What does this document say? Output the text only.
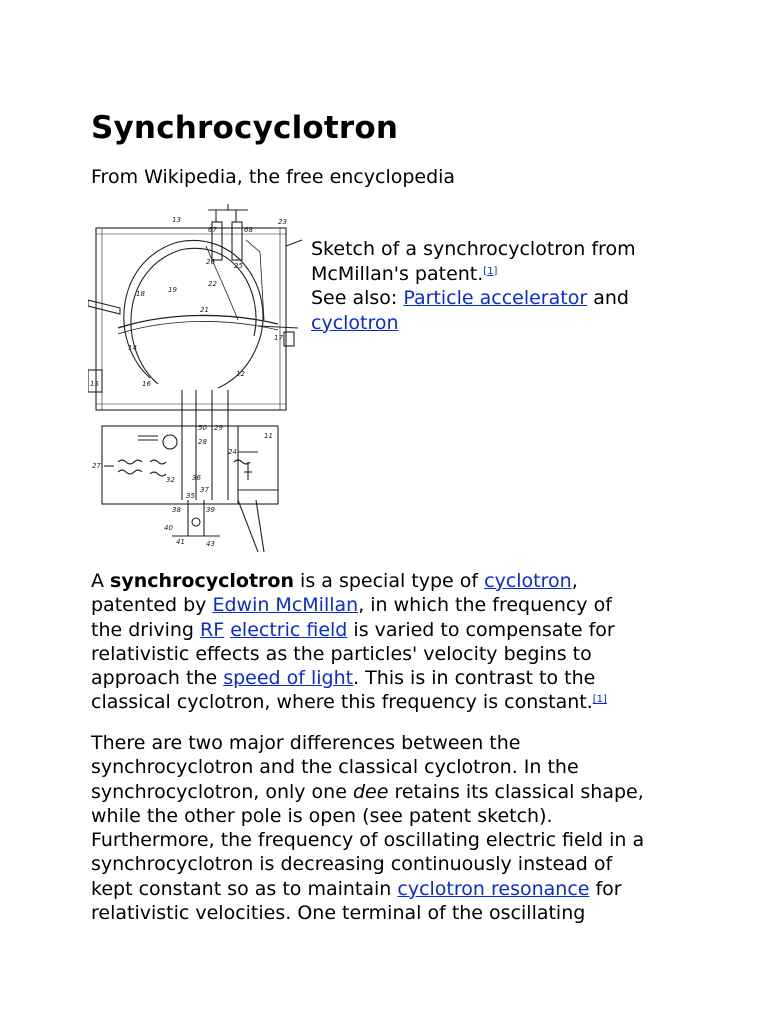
Synchrocyclotron
From Wikipedia, the free encyclopedia
13
67	68
23
26	25
22
18	19
14
16
12
21
15
11
17
50 29
28
27
24
32 36
37
35
38	39
40
41	43
Sketch of a synchrocyclotron from
McMillan's patent.[1]
See also: Particle accelerator and
cyclotron

A synchrocyclotron is a special type of cyclotron,
patented by Edwin McMillan, in which the frequency of
the driving RF electric field is varied to compensate for
relativistic effects as the particles' velocity begins to
approach the speed of light. This is in contrast to the
classical cyclotron, where this frequency is constant.[1]

There are two major differences between the
synchrocyclotron and the classical cyclotron. In the
synchrocyclotron, only one dee retains its classical shape,
while the other pole is open (see patent sketch).
Furthermore, the frequency of oscillating electric field in a
synchrocyclotron is decreasing continuously instead of
kept constant so as to maintain cyclotron resonance for
relativistic velocities. One terminal of the oscillating
